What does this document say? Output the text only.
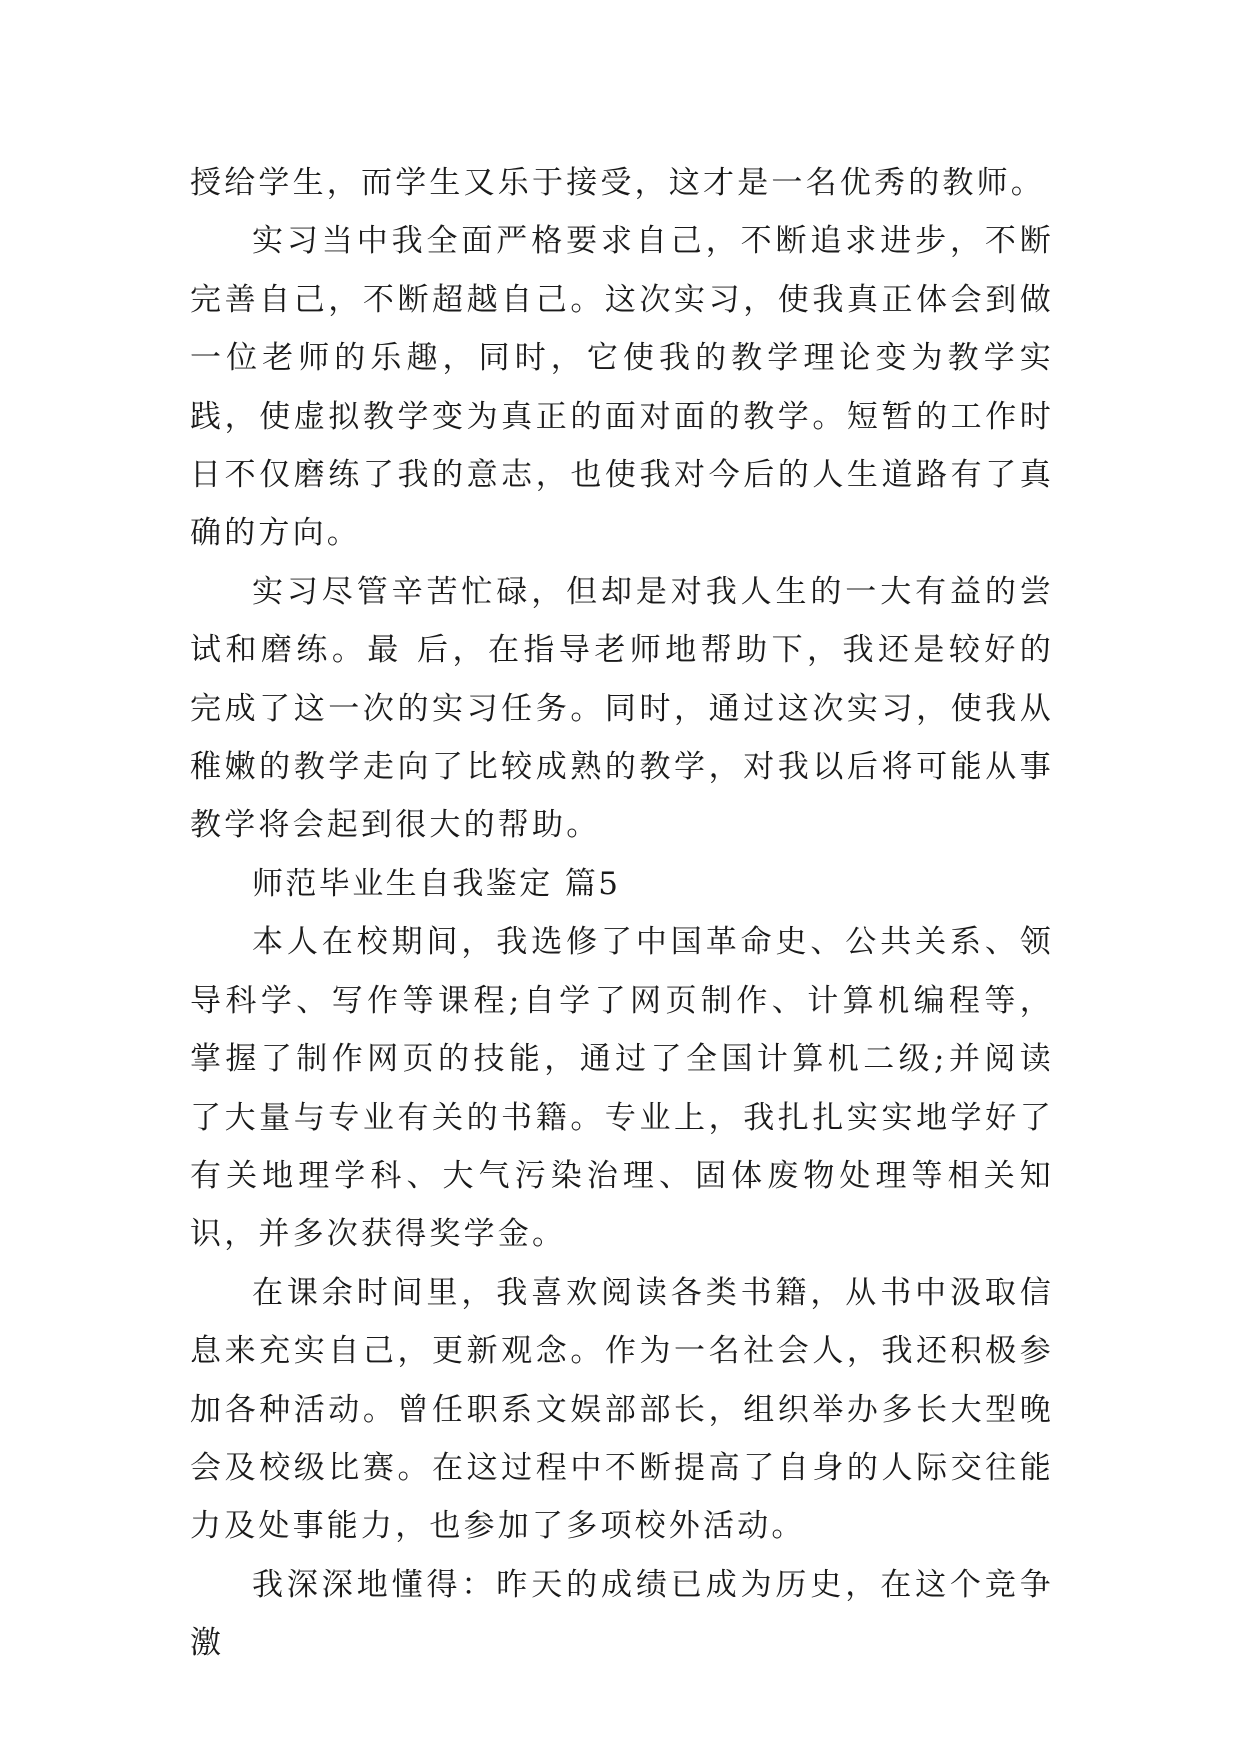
授给学生，而学生又乐于接受，这才是一名优秀的教师。

实习当中我全面严格要求自己，不断追求进步，不断完善自己，不断超越自己。这次实习，使我真正体会到做一位老师的乐趣，同时，它使我的教学理论变为教学实践，使虚拟教学变为真正的面对面的教学。短暂的工作时日不仅磨练了我的意志，也使我对今后的人生道路有了真确的方向。

实习尽管辛苦忙碌，但却是对我人生的一大有益的尝试和磨练。最 后，在指导老师地帮助下，我还是较好的完成了这一次的实习任务。同时，通过这次实习，使我从稚嫩的教学走向了比较成熟的教学，对我以后将可能从事教学将会起到很大的帮助。

师范毕业生自我鉴定 篇5

本人在校期间，我选修了中国革命史、公共关系、领导科学、写作等课程;自学了网页制作、计算机编程等，掌握了制作网页的技能，通过了全国计算机二级;并阅读了大量与专业有关的书籍。专业上，我扎扎实实地学好了有关地理学科、大气污染治理、固体废物处理等相关知识，并多次获得奖学金。

在课余时间里，我喜欢阅读各类书籍，从书中汲取信息来充实自己，更新观念。作为一名社会人，我还积极参加各种活动。曾任职系文娱部部长，组织举办多长大型晚会及校级比赛。在这过程中不断提高了自身的人际交往能力及处事能力，也参加了多项校外活动。

我深深地懂得：昨天的成绩已成为历史，在这个竞争激
